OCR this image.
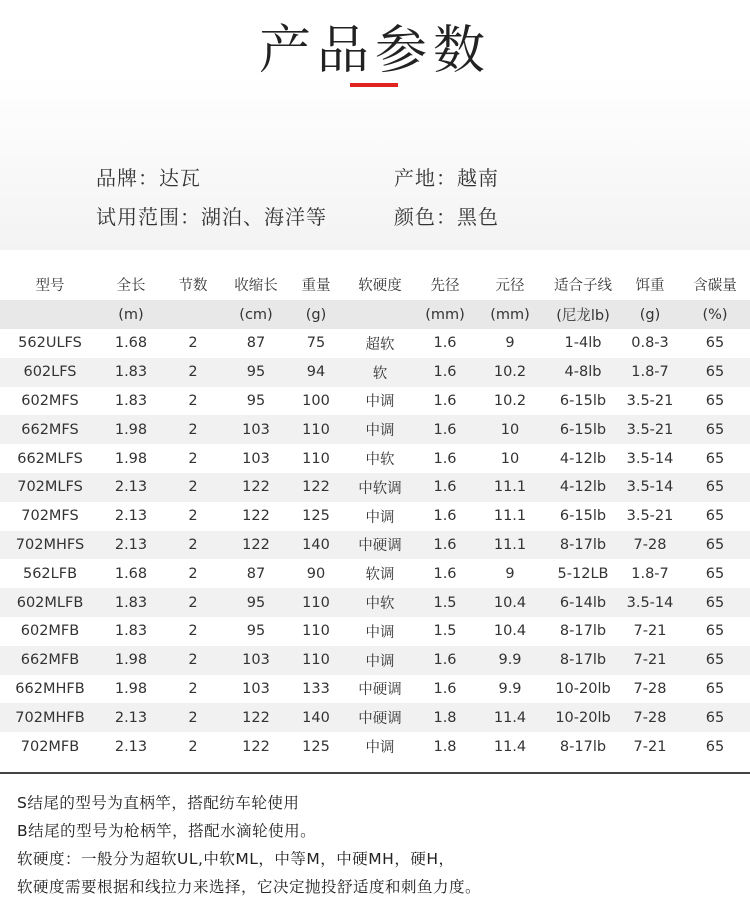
产品参数
品牌：达瓦	产地：越南
试用范围：湖泊、海洋等	颜色：黑色
型号	全长	节数	收缩长	重量	软硬度	先径	元径	适合子线	饵重	含碳量
	(m)		(cm)	(g)		(mm)	(mm)	(尼龙lb)	(g)	(%)
562ULFS	1.68	2	87	75	超软	1.6	9	1-4lb	0.8-3	65
602LFS	1.83	2	95	94	软	1.6	10.2	4-8lb	1.8-7	65
602MFS	1.83	2	95	100	中调	1.6	10.2	6-15lb	3.5-21	65
662MFS	1.98	2	103	110	中调	1.6	10	6-15lb	3.5-21	65
662MLFS	1.98	2	103	110	中软	1.6	10	4-12lb	3.5-14	65
702MLFS	2.13	2	122	122	中软调	1.6	11.1	4-12lb	3.5-14	65
702MFS	2.13	2	122	125	中调	1.6	11.1	6-15lb	3.5-21	65
702MHFS	2.13	2	122	140	中硬调	1.6	11.1	8-17lb	7-28	65
562LFB	1.68	2	87	90	软调	1.6	9	5-12LB	1.8-7	65
602MLFB	1.83	2	95	110	中软	1.5	10.4	6-14lb	3.5-14	65
602MFB	1.83	2	95	110	中调	1.5	10.4	8-17lb	7-21	65
662MFB	1.98	2	103	110	中调	1.6	9.9	8-17lb	7-21	65
662MHFB	1.98	2	103	133	中硬调	1.6	9.9	10-20lb	7-28	65
702MHFB	2.13	2	122	140	中硬调	1.8	11.4	10-20lb	7-28	65
702MFB	2.13	2	122	125	中调	1.8	11.4	8-17lb	7-21	65
S结尾的型号为直柄竿，搭配纺车轮使用
B结尾的型号为枪柄竿，搭配水滴轮使用。
软硬度：一般分为超软UL,中软ML，中等M，中硬MH，硬H，
软硬度需要根据和线拉力来选择，它决定抛投舒适度和刺鱼力度。
